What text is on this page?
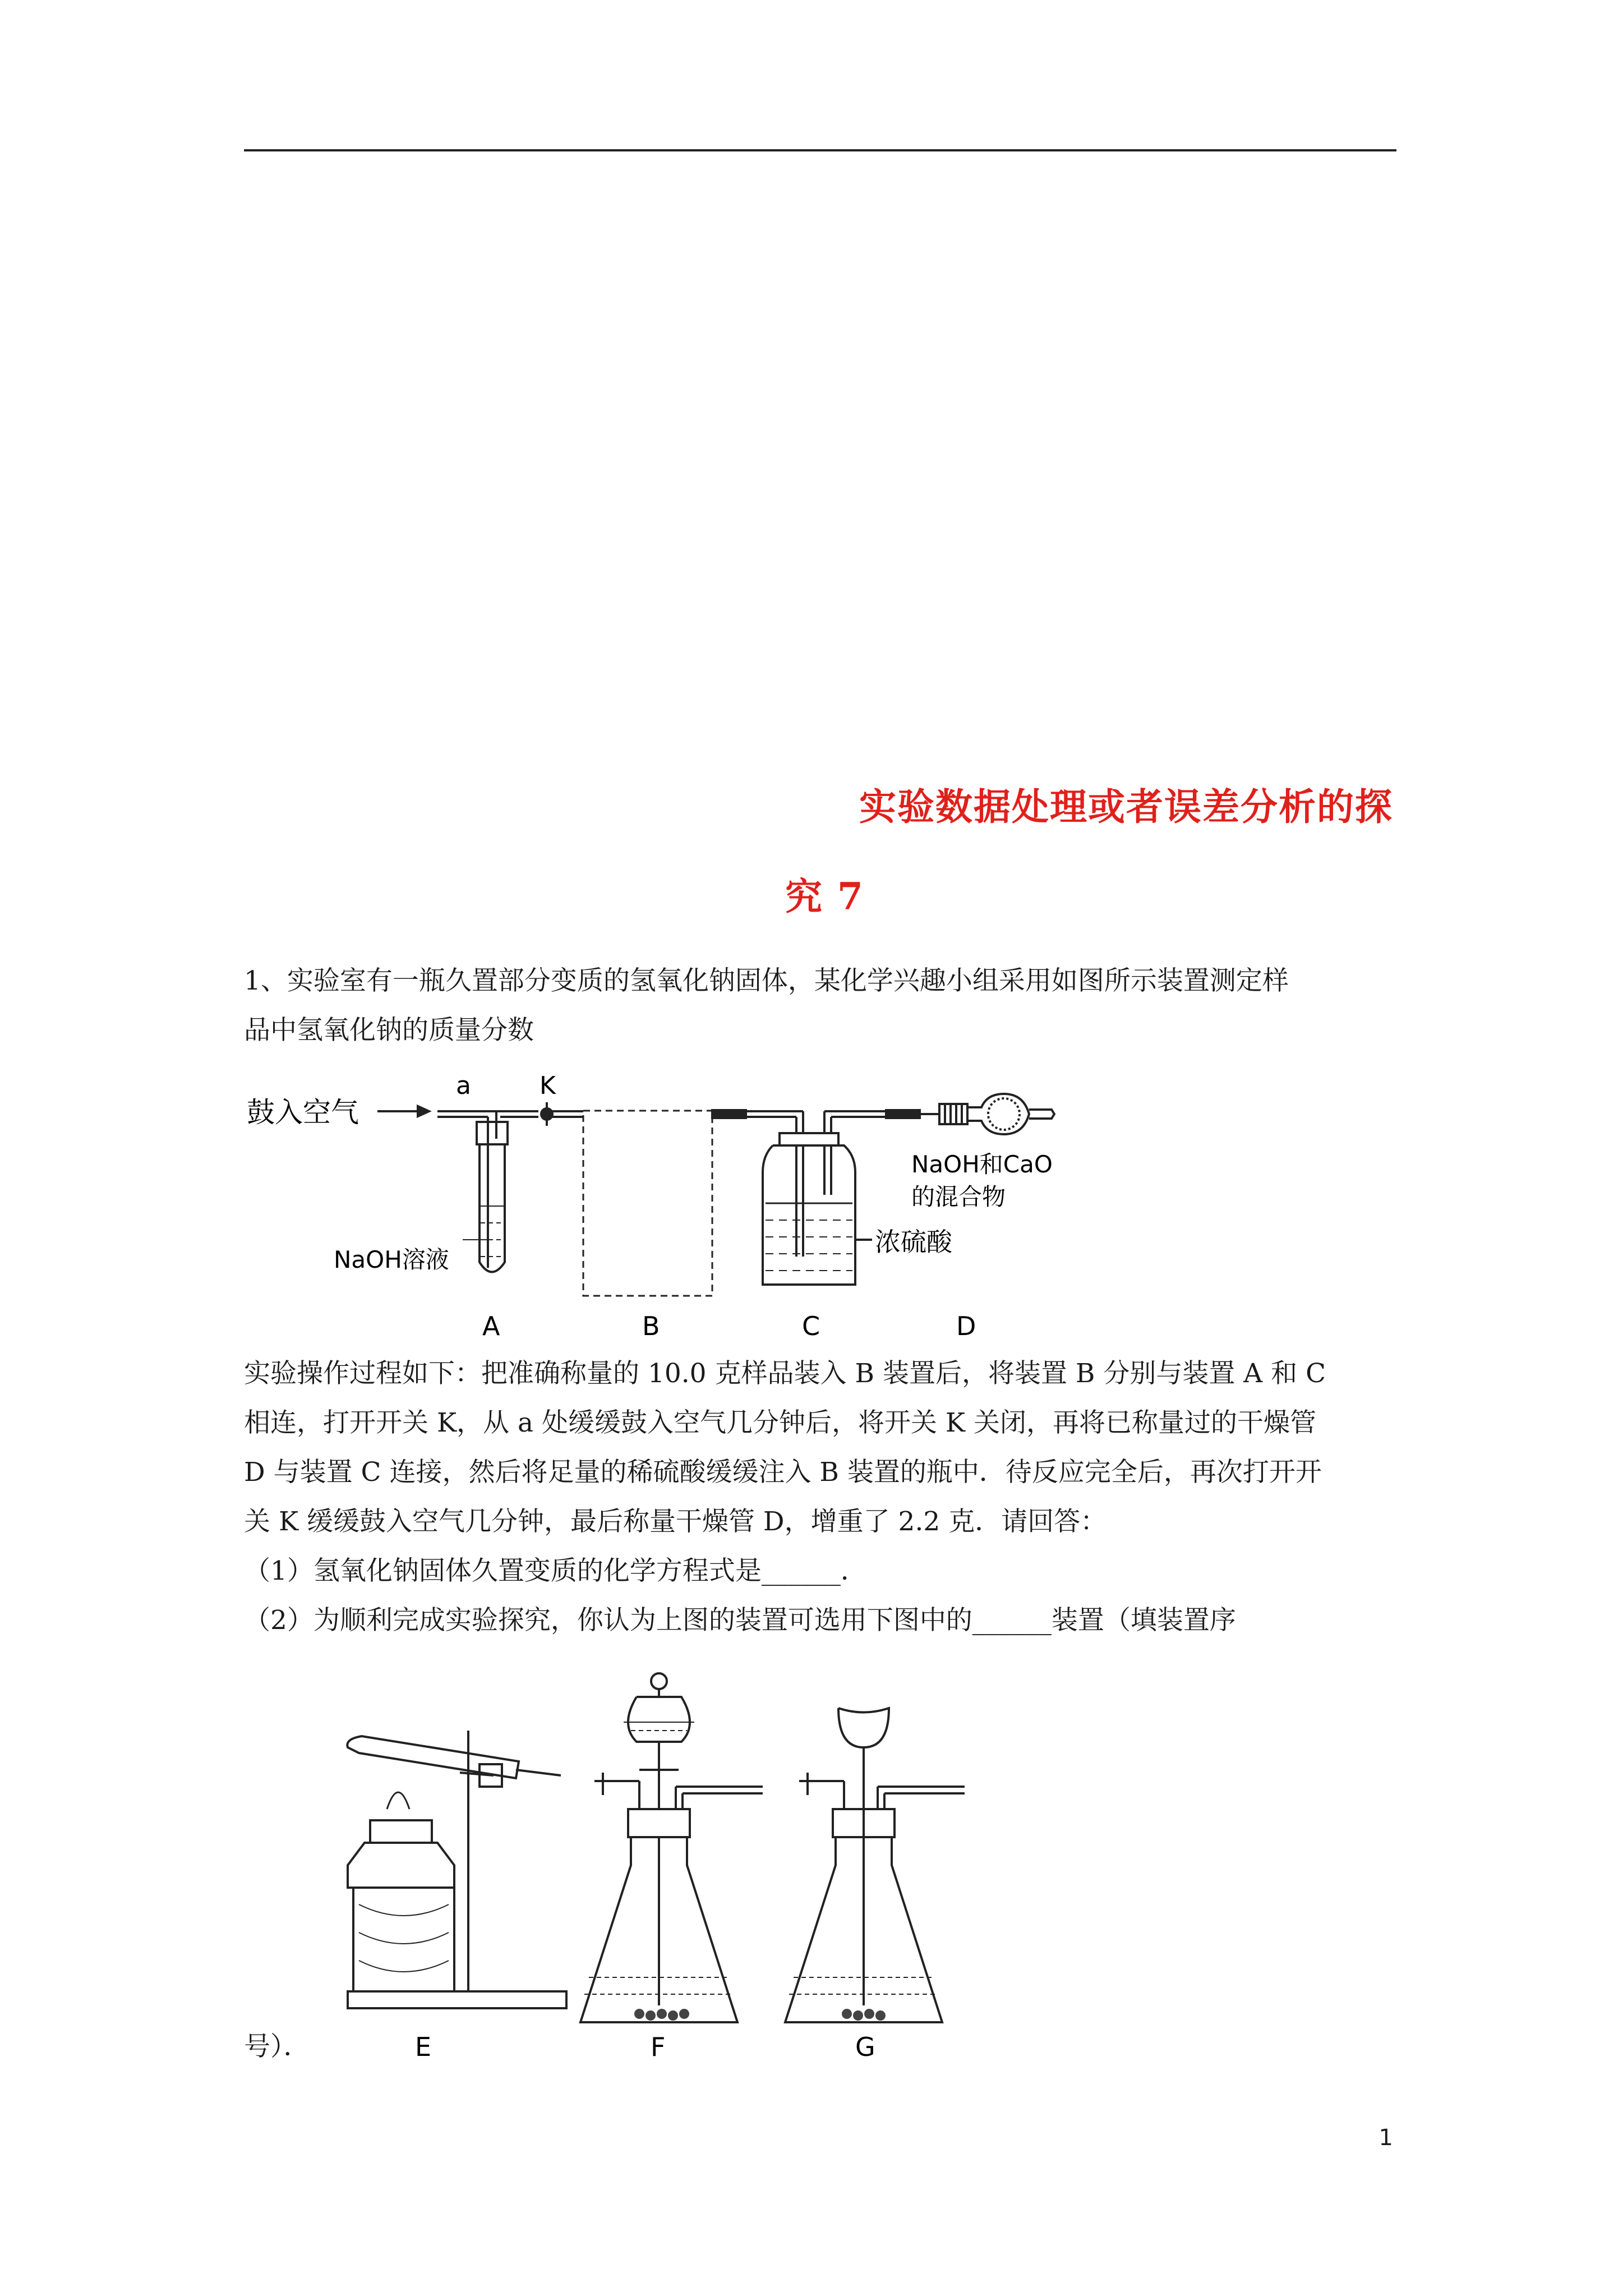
实验数据处理或者误差分析的探
究 7
1、实验室有一瓶久置部分变质的氢氧化钠固体，某化学兴趣小组采用如图所示装置测定样
品中氢氧化钠的质量分数
鼓入空气
a	K
NaOH溶液
浓硫酸
NaOH和CaO
的混合物
A	B	C	D
实验操作过程如下：把准确称量的 10.0 克样品装入 B 装置后，将装置 B 分别与装置 A 和 C
相连，打开开关 K，从 a 处缓缓鼓入空气几分钟后，将开关 K 关闭，再将已称量过的干燥管
D 与装置 C 连接，然后将足量的稀硫酸缓缓注入 B 装置的瓶中．待反应完全后，再次打开开
关 K 缓缓鼓入空气几分钟，最后称量干燥管 D，增重了 2.2 克．请回答：
（1）氢氧化钠固体久置变质的化学方程式是______．
（2）为顺利完成实验探究，你认为上图的装置可选用下图中的______装置（填装置序
E	F	G
号）．
1
